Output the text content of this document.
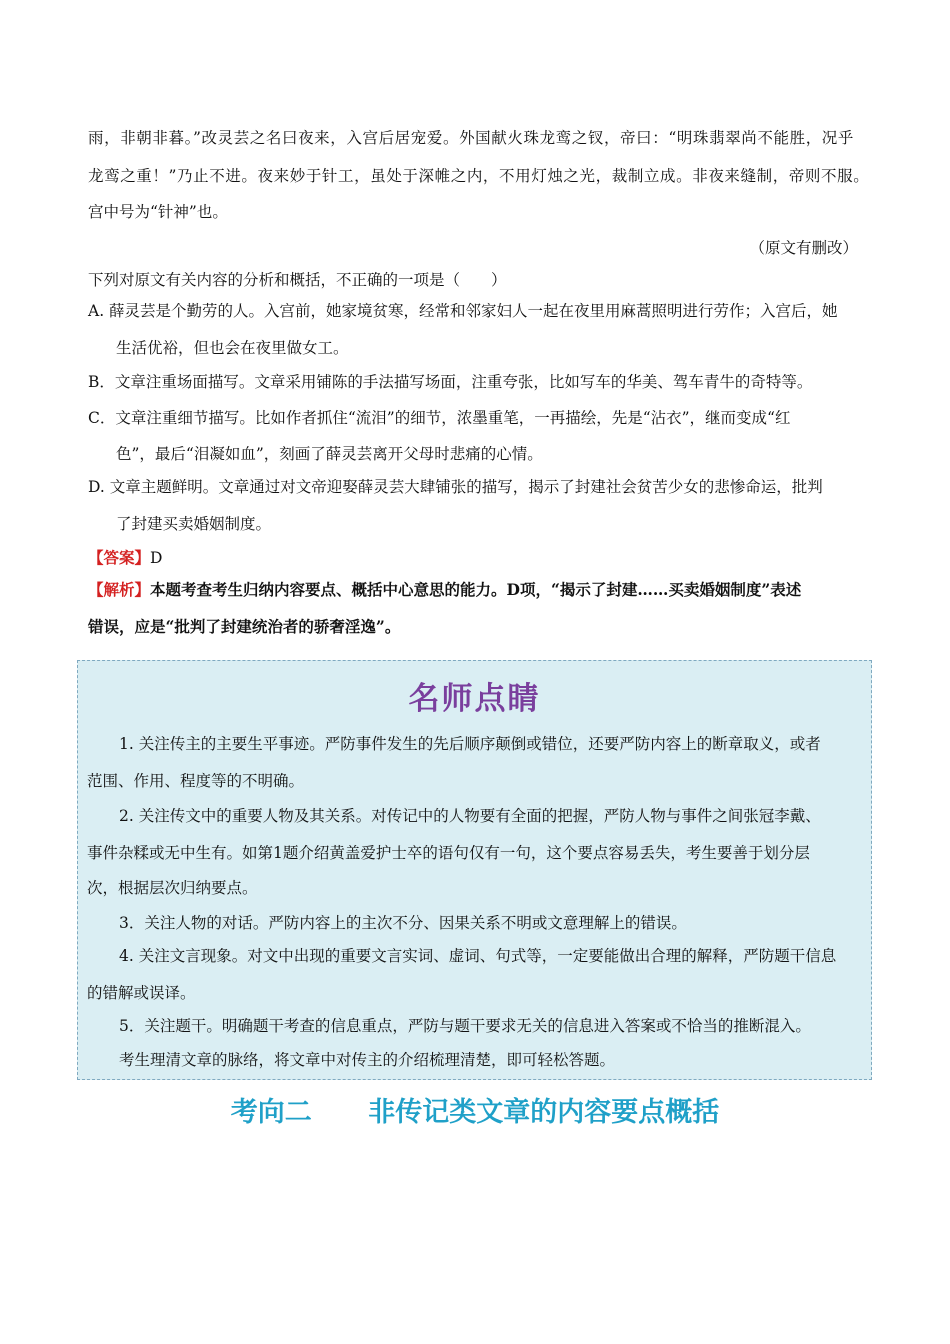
雨，非朝非暮。”改灵芸之名曰夜来，入宫后居宠爱。外国献火珠龙鸾之钗，帝曰：“明珠翡翠尚不能胜，况乎
龙鸾之重！”乃止不进。夜来妙于针工，虽处于深帷之内，不用灯烛之光，裁制立成。非夜来缝制，帝则不服。
宫中号为“针神”也。
（原文有删改）
下列对原文有关内容的分析和概括，不正确的一项是（　　）
A. 薛灵芸是个勤劳的人。入宫前，她家境贫寒，经常和邻家妇人一起在夜里用麻蒿照明进行劳作；入宫后，她
生活优裕，但也会在夜里做女工。
B．文章注重场面描写。文章采用铺陈的手法描写场面，注重夸张，比如写车的华美、驾车青牛的奇特等。
C．文章注重细节描写。比如作者抓住“流泪”的细节，浓墨重笔，一再描绘，先是“沾衣”，继而变成“红
色”，最后“泪凝如血”，刻画了薛灵芸离开父母时悲痛的心情。
D. 文章主题鲜明。文章通过对文帝迎娶薛灵芸大肆铺张的描写，揭示了封建社会贫苦少女的悲惨命运，批判
了封建买卖婚姻制度。
【答案】D
【解析】本题考查考生归纳内容要点、概括中心意思的能力。D项，“揭示了封建……买卖婚姻制度”表述
错误，应是“批判了封建统治者的骄奢淫逸”。
名师点睛
1. 关注传主的主要生平事迹。严防事件发生的先后顺序颠倒或错位，还要严防内容上的断章取义，或者
范围、作用、程度等的不明确。
2. 关注传文中的重要人物及其关系。对传记中的人物要有全面的把握，严防人物与事件之间张冠李戴、
事件杂糅或无中生有。如第1题介绍黄盖爱护士卒的语句仅有一句，这个要点容易丢失，考生要善于划分层
次，根据层次归纳要点。
3．关注人物的对话。严防内容上的主次不分、因果关系不明或文意理解上的错误。
4. 关注文言现象。对文中出现的重要文言实词、虚词、句式等，一定要能做出合理的解释，严防题干信息
的错解或误译。
5．关注题干。明确题干考查的信息重点，严防与题干要求无关的信息进入答案或不恰当的推断混入。
考生理清文章的脉络，将文章中对传主的介绍梳理清楚，即可轻松答题。
考向二 非传记类文章的内容要点概括
